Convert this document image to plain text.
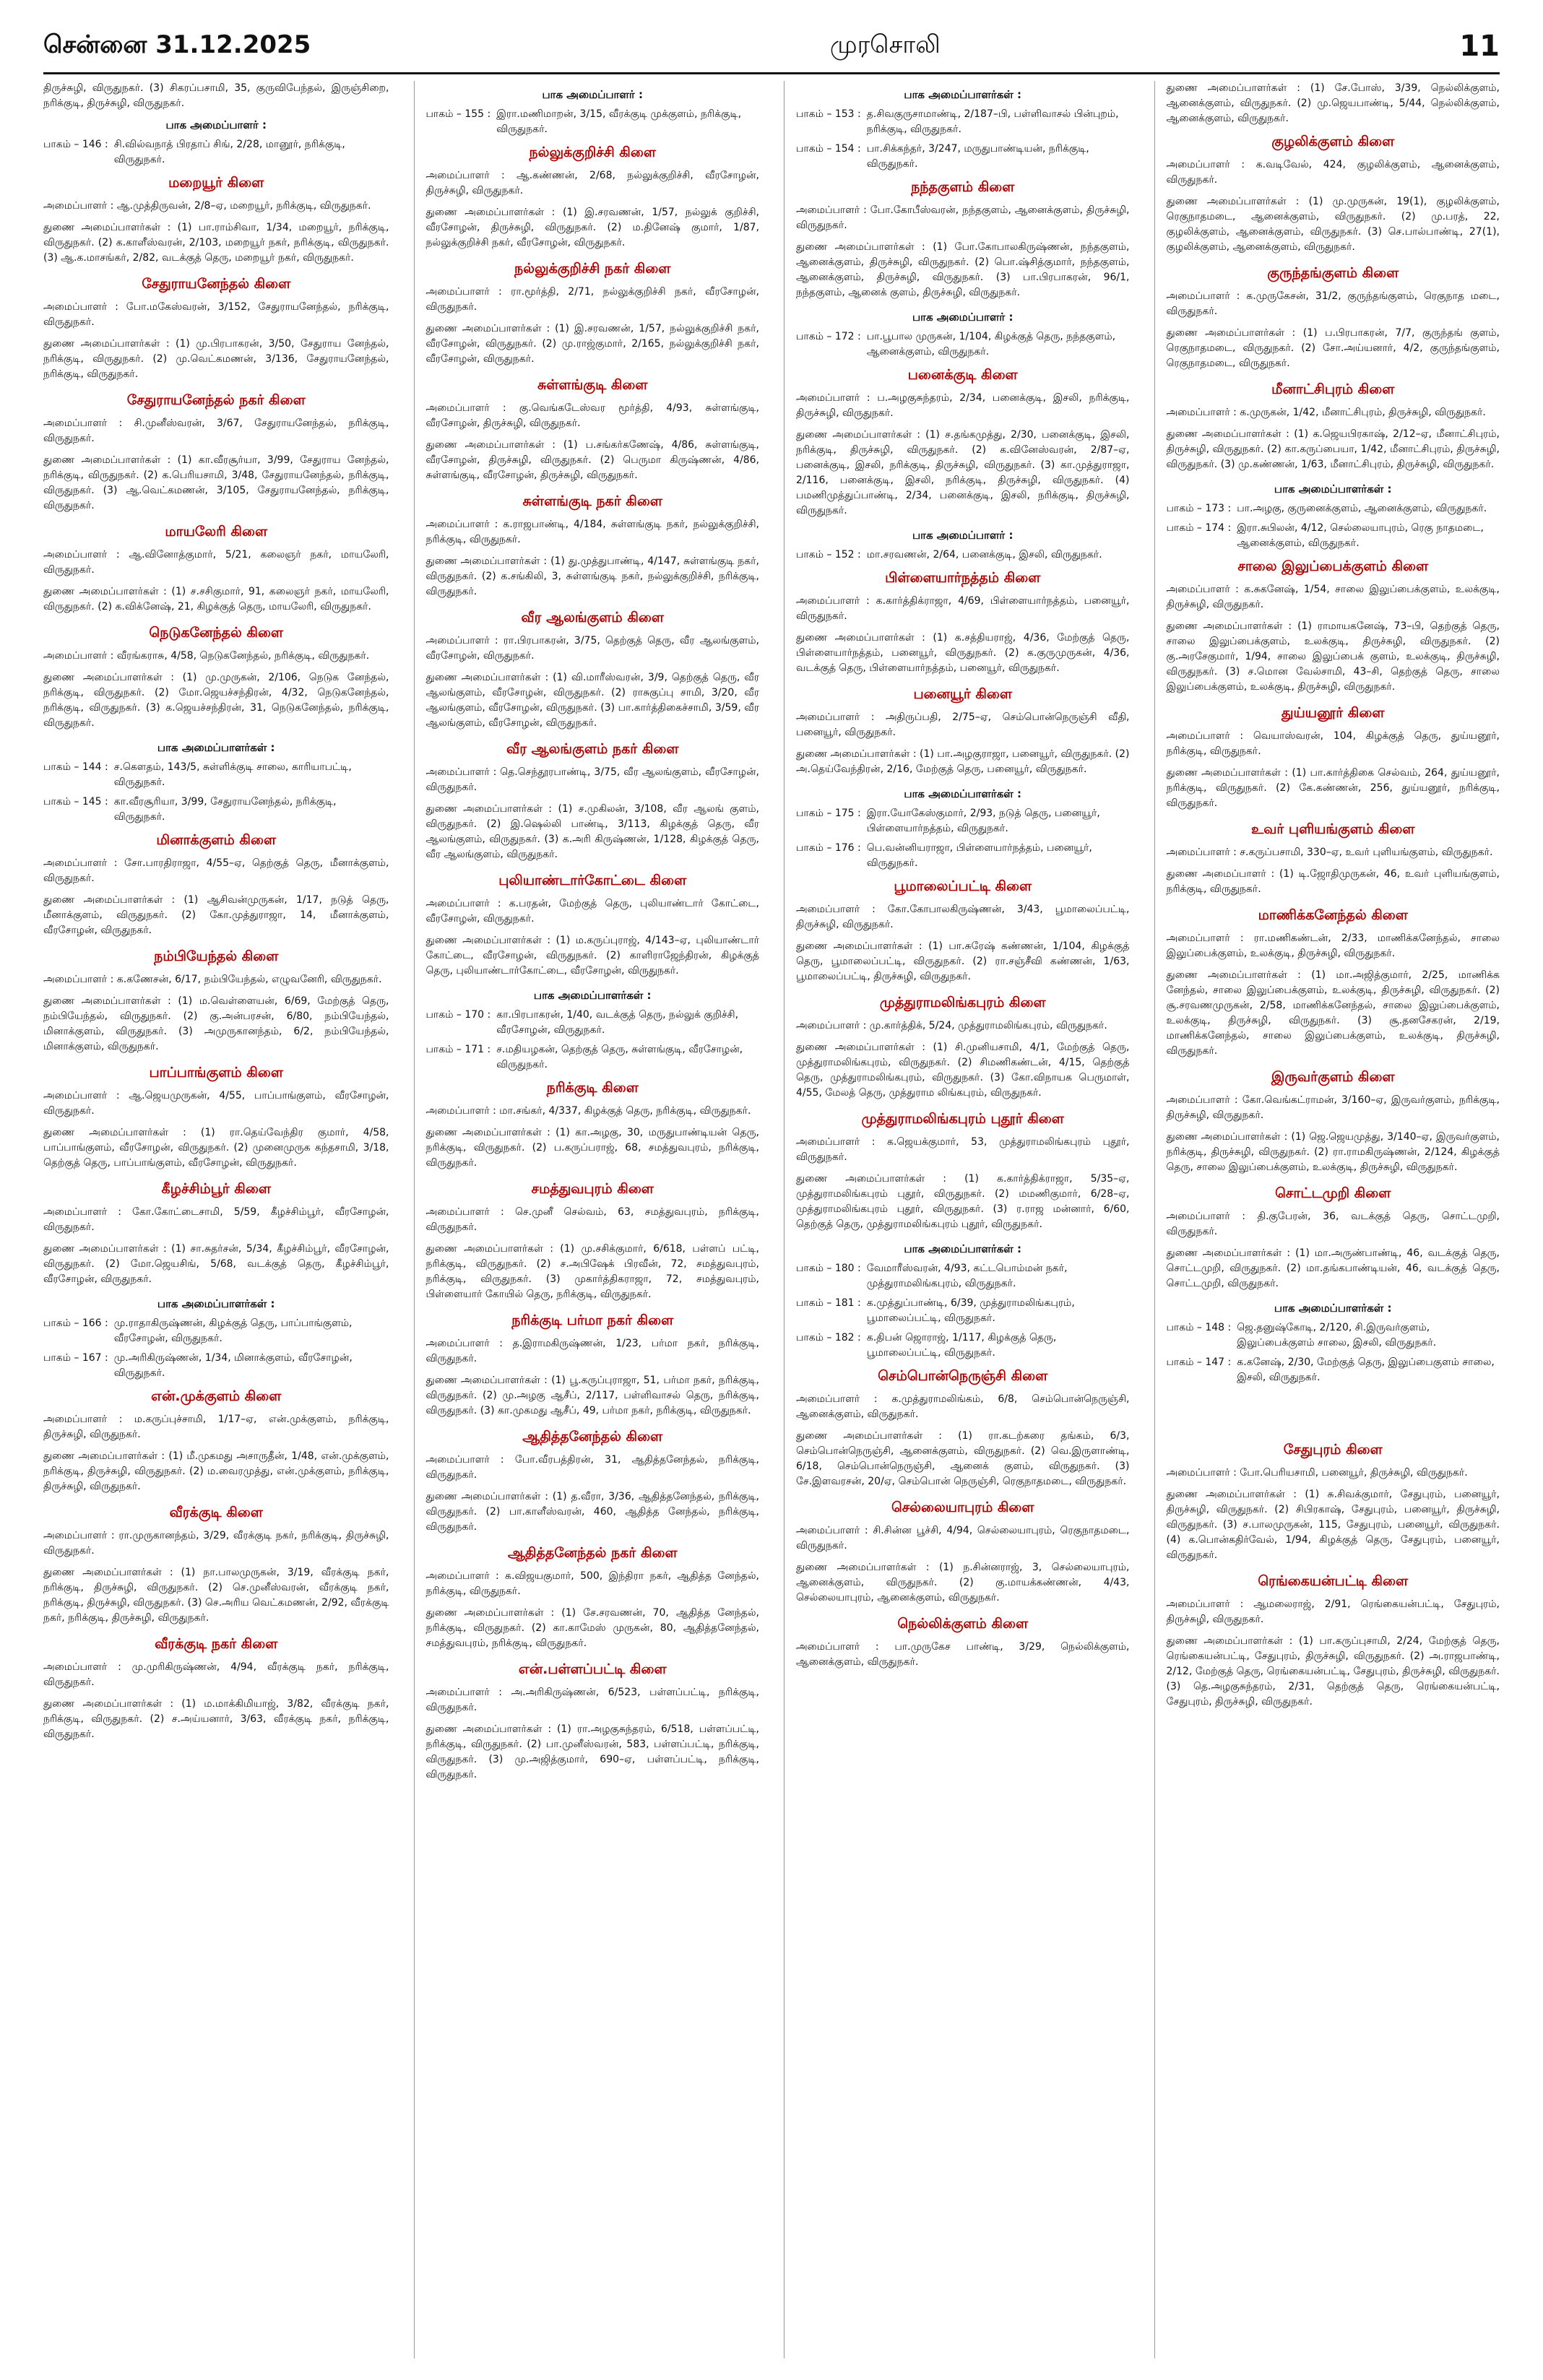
சென்னை 31.12.2025	முரசொலி	11

திருச்சுழி, விருதுநகர். (3) சிகரப்பசாமி, 35, குருவிபேந்தல், இருஞ்சிறை, நரிக்குடி, திருச்சுழி, விருதுநகர்.

பாக அமைப்பாளர் :
பாகம் – 146 : சி.வில்வநாத் பிரதாப் சிங், 2/28, மானூர், நரிக்குடி, விருதுநகர்.
மறையூர் கிளை

அமைப்பாளர் : ஆ.முத்திருவன், 2/8–ஏ, மறையூர், நரிக்குடி, விருதுநகர்.

துணை அமைப்பாளர்கள் : (1) பா.ராம்சிவா, 1/34, மறையூர், நரிக்குடி, விருதுநகர். (2) க.காளீஸ்வரன், 2/103, மறையூர் நகர், நரிக்குடி, விருதுநகர். (3) ஆ.க.மாசங்கர், 2/82, வடக்குத் தெரு, மறையூர் நகர், விருதுநகர்.

சேதுராயனேந்தல் கிளை

அமைப்பாளர் : போ.மகேஸ்வரன், 3/152, சேதுராயனேந்தல், நரிக்குடி, விருதுநகர்.

துணை அமைப்பாளர்கள் : (1) மு.பிரபாகரன், 3/50, சேதுராய னேந்தல், நரிக்குடி, விருதுநகர். (2) மு.வெட்கமணன், 3/136, சேதுராயனேந்தல், நரிக்குடி, விருதுநகர்.

சேதுராயனேந்தல் நகர் கிளை

அமைப்பாளர் : சி.முனீஸ்வரன், 3/67, சேதுராயனேந்தல், நரிக்குடி, விருதுநகர்.

துணை அமைப்பாளர்கள் : (1) கா.வீரசூர்யா, 3/99, சேதுராய னேந்தல், நரிக்குடி, விருதுநகர். (2) க.பெரியசாமி, 3/48, சேதுராயனேந்தல், நரிக்குடி, விருதுநகர். (3) ஆ.வெட்கமணன், 3/105, சேதுராயனேந்தல், நரிக்குடி, விருதுநகர்.

மாயலேரி கிளை

அமைப்பாளர் : ஆ.வினோத்குமார், 5/21, கலைஞர் நகர், மாயலேரி, விருதுநகர்.

துணை அமைப்பாளர்கள் : (1) ச.சசிகுமார், 91, கலைஞர் நகர், மாயலேரி, விருதுநகர். (2) க.விக்னேஷ், 21, கிழக்குத் தெரு, மாயலேரி, விருதுநகர்.

நெடுகனேந்தல் கிளை

அமைப்பாளர் : வீரங்கராசு, 4/58, நெடுகனேந்தல், நரிக்குடி, விருதுநகர்.

துணை அமைப்பாளர்கள் : (1) மு.முருகன், 2/106, நெடுக னேந்தல், நரிக்குடி, விருதுநகர். (2) மோ.ஜெயச்சந்திரன், 4/32, நெடுகனேந்தல், நரிக்குடி, விருதுநகர். (3) க.ஜெயச்சந்திரன், 31, நெடுகனேந்தல், நரிக்குடி, விருதுநகர்.

பாக அமைப்பாளர்கள் :
பாகம் – 144 : ச.கௌதம், 143/5, சுள்ளிக்குடி சாலை, காரியாபட்டி, விருதுநகர்.
பாகம் – 145 : கா.வீரசூரியா, 3/99, சேதுராயனேந்தல், நரிக்குடி, விருதுநகர்.
மினாக்குளம் கிளை

அமைப்பாளர் : சோ.பாரதிராஜா, 4/55–ஏ, தெற்குத் தெரு, மீனாக்குளம், விருதுநகர்.

துணை அமைப்பாளர்கள் : (1) ஆசிவன்முருகன், 1/17, நடுத் தெரு, மீனாக்குளம், விருதுநகர். (2) கோ.முத்துராஜா, 14, மீனாக்குளம், வீரசோழன், விருதுநகர்.

நம்பியேந்தல் கிளை

அமைப்பாளர் : க.கணேசன், 6/17, நம்பியேந்தல், எழுவனேரி, விருதுநகர்.

துணை அமைப்பாளர்கள் : (1) ம.வெள்ளையன், 6/69, மேற்குத் தெரு, நம்பியேந்தல், விருதுநகர். (2) கு.அன்பரசன், 6/80, நம்பியேந்தல், மினாக்குளம், விருதுநகர். (3) அமுருகானந்தம், 6/2, நம்பியேந்தல், மினாக்குளம், விருதுநகர்.

பாப்பாங்குளம் கிளை

அமைப்பாளர் : ஆ.ஜெயமுருகன், 4/55, பாப்பாங்குளம், வீரசோழன், விருதுநகர்.

துணை அமைப்பாளர்கள் : (1) ரா.தெய்வேந்திர குமார், 4/58, பாப்பாங்குளம், வீரசோழன், விருதுநகர். (2) முனைமுருக கந்தசாமி, 3/18, தெற்குத் தெரு, பாப்பாங்குளம், வீரசோழன், விருதுநகர்.

கீழச்சிம்பூர் கிளை

அமைப்பாளர் : கோ.கோட்டைசாமி, 5/59, கீழச்சிம்பூர், வீரசோழன், விருதுநகர்.

துணை அமைப்பாளர்கள் : (1) சா.சுதர்சன், 5/34, கீழச்சிம்பூர், வீரசோழன், விருதுநகர். (2) மோ.ஜெயசிங், 5/68, வடக்குத் தெரு, கீழச்சிம்பூர், வீரசோழன், விருதுநகர்.

பாக அமைப்பாளர்கள் :
பாகம் – 166 : மு.ராதாகிருஷ்ணன், கிழக்குத் தெரு, பாப்பாங்குளம், வீரசோழன், விருதுநகர்.
பாகம் – 167 : மு.அரிகிருஷ்ணன், 1/34, மினாக்குளம், வீரசோழன், விருதுநகர்.
என்.முக்குளம் கிளை

அமைப்பாளர் : ம.கருப்புச்சாமி, 1/17–ஏ, என்.முக்குளம், நரிக்குடி, திருச்சுழி, விருதுநகர்.

துணை அமைப்பாளர்கள் : (1) மீ.முகமது அசாருதீன், 1/48, என்.முக்குளம், நரிக்குடி, திருச்சுழி, விருதுநகர். (2) ம.வைரமுத்து, என்.முக்குளம், நரிக்குடி, திருச்சுழி, விருதுநகர்.

வீரக்குடி கிளை

அமைப்பாளர் : ரா.முருகானந்தம், 3/29, வீரக்குடி நகர், நரிக்குடி, திருச்சுழி, விருதுநகர்.

துணை அமைப்பாளர்கள் : (1) நா.பாலமுருகன், 3/19, வீரக்குடி நகர், நரிக்குடி, திருச்சுழி, விருதுநகர். (2) செ.முனீஸ்வரன், வீரக்குடி நகர், நரிக்குடி, திருச்சுழி, விருதுநகர். (3) செ.அரிய வெட்கமணன், 2/92, வீரக்குடி நகர், நரிக்குடி, திருச்சுழி, விருதுநகர்.

வீரக்குடி நகர் கிளை

அமைப்பாளர் : மு.முரிகிருஷ்ணன், 4/94, வீரக்குடி நகர், நரிக்குடி, விருதுநகர்.

துணை அமைப்பாளர்கள் : (1) ம.மாக்கிமியாஜ், 3/82, வீரக்குடி நகர், நரிக்குடி, விருதுநகர். (2) ச.அய்யனார், 3/63, வீரக்குடி நகர், நரிக்குடி, விருதுநகர்.

பாக அமைப்பாளர் :
பாகம் – 155 : இரா.மணிமாறன், 3/15, வீரக்குடி முக்குளம், நரிக்குடி, விருதுநகர்.
நல்லுக்குறிச்சி கிளை

அமைப்பாளர் : ஆ.கண்ணன், 2/68, நல்லுக்குறிச்சி, வீரசோழன், திருச்சுழி, விருதுநகர்.

துணை அமைப்பாளர்கள் : (1) இ.சரவணன், 1/57, நல்லுக் குறிச்சி, வீரசோழன், திருச்சுழி, விருதுநகர். (2) ம.தினேஷ் குமார், 1/87, நல்லுக்குறிச்சி நகர், வீரசோழன், விருதுநகர்.

நல்லுக்குறிச்சி நகர் கிளை

அமைப்பாளர் : ரா.மூர்த்தி, 2/71, நல்லுக்குறிச்சி நகர், வீரசோழன், விருதுநகர்.

துணை அமைப்பாளர்கள் : (1) இ.சரவணன், 1/57, நல்லுக்குறிச்சி நகர், வீரசோழன், விருதுநகர். (2) மு.ராஜ்குமார், 2/165, நல்லுக்குறிச்சி நகர், வீரசோழன், விருதுநகர்.

சுள்ளங்குடி கிளை

அமைப்பாளர் : கு.வெங்கடேஸ்வர மூர்த்தி, 4/93, சுள்ளங்குடி, வீரசோழன், திருச்சுழி, விருதுநகர்.

துணை அமைப்பாளர்கள் : (1) ப.சங்கர்கணேஷ், 4/86, சுள்ளங்குடி, வீரசோழன், திருச்சுழி, விருதுநகர். (2) பெருமா கிருஷ்ணன், 4/86, சுள்ளங்குடி, வீரசோழன், திருச்சுழி, விருதுநகர்.

சுள்ளங்குடி நகர் கிளை

அமைப்பாளர் : க.ராஜபாண்டி, 4/184, சுள்ளங்குடி நகர், நல்லுக்குறிச்சி, நரிக்குடி, விருதுநகர்.

துணை அமைப்பாளர்கள் : (1) து.முத்துபாண்டி, 4/147, சுள்ளங்குடி நகர், விருதுநகர். (2) க.சங்கிலி, 3, சுள்ளங்குடி நகர், நல்லுக்குறிச்சி, நரிக்குடி, விருதுநகர்.

வீர ஆலங்குளம் கிளை

அமைப்பாளர் : ரா.பிரபாகரன், 3/75, தெற்குத் தெரு, வீர ஆலங்குளம், வீரசோழன், விருதுநகர்.

துணை அமைப்பாளர்கள் : (1) வி.மாரீஸ்வரன், 3/9, தெற்குத் தெரு, வீர ஆலங்குளம், வீரசோழன், விருதுநகர். (2) ராசுகுப்பு சாமி, 3/20, வீர ஆலங்குளம், வீரசோழன், விருதுநகர். (3) பா.கார்த்திகைச்சாமி, 3/59, வீர ஆலங்குளம், வீரசோழன், விருதுநகர்.

வீர ஆலங்குளம் நகர் கிளை

அமைப்பாளர் : தெ.செந்தூரபாண்டி, 3/75, வீர ஆலங்குளம், வீரசோழன், விருதுநகர்.

துணை அமைப்பாளர்கள் : (1) ச.முகிலன், 3/108, வீர ஆலங் குளம், விருதுநகர். (2) இ.ஷெல்லி பாண்டி, 3/113, கிழக்குத் தெரு, வீர ஆலங்குளம், விருதுநகர். (3) க.அரி கிருஷ்ணன், 1/128, கிழக்குத் தெரு, வீர ஆலங்குளம், விருதுநகர்.

புலியாண்டார்கோட்டை கிளை

அமைப்பாளர் : க.பரதன், மேற்குத் தெரு, புலியாண்டார் கோட்டை, வீரசோழன், விருதுநகர்.

துணை அமைப்பாளர்கள் : (1) ம.கருப்புராஜ், 4/143–ஏ, புலியாண்டார் கோட்டை, வீரசோழன், விருதுநகர். (2) காளிராஜேந்திரன், கிழக்குத் தெரு, புலியாண்டார்கோட்டை, வீரசோழன், விருதுநகர்.

பாக அமைப்பாளர்கள் :
பாகம் – 170 : கா.பிரபாகரன், 1/40, வடக்குத் தெரு, நல்லுக் குறிச்சி, வீரசோழன், விருதுநகர்.
பாகம் – 171 : ச.மதியழகன், தெற்குத் தெரு, சுள்ளங்குடி, வீரசோழன், விருதுநகர்.
நரிக்குடி கிளை

அமைப்பாளர் : மா.சங்கர், 4/337, கிழக்குத் தெரு, நரிக்குடி, விருதுநகர்.

துணை அமைப்பாளர்கள் : (1) கா.அழகு, 30, மருதுபாண்டியன் தெரு, நரிக்குடி, விருதுநகர். (2) ப.கருப்பராஜ், 68, சமத்துவபுரம், நரிக்குடி, விருதுநகர்.

சமத்துவபுரம் கிளை

அமைப்பாளர் : செ.முனீ செல்வம், 63, சமத்துவபுரம், நரிக்குடி, விருதுநகர்.

துணை அமைப்பாளர்கள் : (1) மு.சசிக்குமார், 6/618, பள்ளப் பட்டி, நரிக்குடி, விருதுநகர். (2) ச.அபிஷேக் பிரவீன், 72, சமத்துவபுரம், நரிக்குடி, விருதுநகர். (3) முகார்த்திகராஜா, 72, சமத்துவபுரம், பிள்ளையார் கோயில் தெரு, நரிக்குடி, விருதுநகர்.

நரிக்குடி பர்மா நகர் கிளை

அமைப்பாளர் : த.இராமகிருஷ்ணன், 1/23, பர்மா நகர், நரிக்குடி, விருதுநகர்.

துணை அமைப்பாளர்கள் : (1) பூ.கருப்புராஜா, 51, பர்மா நகர், நரிக்குடி, விருதுநகர். (2) மு.அழகு ஆசீப், 2/117, பள்ளிவாசல் தெரு, நரிக்குடி, விருதுநகர். (3) கா.முகமது ஆசீப், 49, பர்மா நகர், நரிக்குடி, விருதுநகர்.

ஆதித்தனேந்தல் கிளை

அமைப்பாளர் : போ.வீரபத்திரன், 31, ஆதித்தனேந்தல், நரிக்குடி, விருதுநகர்.

துணை அமைப்பாளர்கள் : (1) த.வீரா, 3/36, ஆதித்தனேந்தல், நரிக்குடி, விருதுநகர். (2) பா.காளீஸ்வரன், 460, ஆதித்த னேந்தல், நரிக்குடி, விருதுநகர்.

ஆதித்தனேந்தல் நகர் கிளை

அமைப்பாளர் : க.விஜயகுமார், 500, இந்திரா நகர், ஆதித்த னேந்தல், நரிக்குடி, விருதுநகர்.

துணை அமைப்பாளர்கள் : (1) சே.சரவணன், 70, ஆதித்த னேந்தல், நரிக்குடி, விருதுநகர். (2) கா.காமேஸ் முருகன், 80, ஆதித்தனேந்தல், சமத்துவபுரம், நரிக்குடி, விருதுநகர்.

என்.பள்ளப்பட்டி கிளை

அமைப்பாளர் : அ.அரிகிருஷ்ணன், 6/523, பள்ளப்பட்டி, நரிக்குடி, விருதுநகர்.

துணை அமைப்பாளர்கள் : (1) ரா.அழகுசுந்தரம், 6/518, பள்ளப்பட்டி, நரிக்குடி, விருதுநகர். (2) பா.முனீஸ்வரன், 583, பள்ளப்பட்டி, நரிக்குடி, விருதுநகர். (3) மு.அஜித்குமார், 690–ஏ, பள்ளப்பட்டி, நரிக்குடி, விருதுநகர்.

பாக அமைப்பாளர்கள் :
பாகம் – 153 : த.சிவகுருசாமாண்டி, 2/187–பி, பள்ளிவாசல் பின்புறம், நரிக்குடி, விருதுநகர்.
பாகம் – 154 : பா.சிக்கந்தர், 3/247, மருதுபாண்டியன், நரிக்குடி, விருதுநகர்.
நந்தகுளம் கிளை

அமைப்பாளர் : போ.கோபீஸ்வரன், நந்தகுளம், ஆனைக்குளம், திருச்சுழி, விருதுநகர்.

துணை அமைப்பாளர்கள் : (1) போ.கோபாலகிருஷ்ணன், நந்தகுளம், ஆனைக்குளம், திருச்சுழி, விருதுநகர். (2) பொ.ஷ்சித்குமார், நந்தகுளம், ஆனைக்குளம், திருச்சுழி, விருதுநகர். (3) பா.பிரபாகரன், 96/1, நந்தகுளம், ஆனைக் குளம், திருச்சுழி, விருதுநகர்.

பாக அமைப்பாளர் :
பாகம் – 172 : பா.பூபால முருகன், 1/104, கிழக்குத் தெரு, நந்தகுளம், ஆனைக்குளம், விருதுநகர்.
பனைக்குடி கிளை

அமைப்பாளர் : ப.அழகுசுந்தரம், 2/34, பனைக்குடி, இசலி, நரிக்குடி, திருச்சுழி, விருதுநகர்.

துணை அமைப்பாளர்கள் : (1) ச.தங்கமுத்து, 2/30, பனைக்குடி, இசலி, நரிக்குடி, திருச்சுழி, விருதுநகர். (2) க.வினேஸ்வரன், 2/87–ஏ, பனைக்குடி, இசலி, நரிக்குடி, திருச்சுழி, விருதுநகர். (3) கா.முத்துராஜா, 2/116, பனைக்குடி, இசலி, நரிக்குடி, திருச்சுழி, விருதுநகர். (4) பமணிமுத்துப்பாண்டி, 2/34, பனைக்குடி, இசலி, நரிக்குடி, திருச்சுழி, விருதுநகர்.

பாக அமைப்பாளர் :
பாகம் – 152 : மா.சரவணன், 2/64, பனைக்குடி, இசலி, விருதுநகர்.
பிள்ளையார்நத்தம் கிளை

அமைப்பாளர் : க.கார்த்திக்ராஜா, 4/69, பிள்ளையார்நத்தம், பனையூர், விருதுநகர்.

துணை அமைப்பாளர்கள் : (1) க.சத்தியராஜ், 4/36, மேற்குத் தெரு, பிள்ளையார்நத்தம், பனையூர், விருதுநகர். (2) க.குருமுருகன், 4/36, வடக்குத் தெரு, பிள்ளையார்நத்தம், பனையூர், விருதுநகர்.

பனையூர் கிளை

அமைப்பாளர் : அதிருப்பதி, 2/75–ஏ, செம்பொன்நெருஞ்சி வீதி, பனையூர், விருதுநகர்.

துணை அமைப்பாளர்கள் : (1) பா.அழகுராஜா, பனையூர், விருதுநகர். (2) அ.தெய்வேந்திரன், 2/16, மேற்குத் தெரு, பனையூர், விருதுநகர்.

பாக அமைப்பாளர்கள் :
பாகம் – 175 : இரா.யோகேஸ்குமார், 2/93, நடுத் தெரு, பனையூர், பிள்ளையார்நத்தம், விருதுநகர்.
பாகம் – 176 : பெ.வன்னியராஜா, பிள்ளையார்நத்தம், பனையூர், விருதுநகர்.
பூமாலைப்பட்டி கிளை

அமைப்பாளர் : கோ.கோபாலகிருஷ்ணன், 3/43, பூமாலைப்பட்டி, திருச்சுழி, விருதுநகர்.

துணை அமைப்பாளர்கள் : (1) பா.சுரேஷ் கண்ணன், 1/104, கிழக்குத் தெரு, பூமாலைப்பட்டி, விருதுநகர். (2) ரா.சஞ்சீவி கண்ணன், 1/63, பூமாலைப்பட்டி, திருச்சுழி, விருதுநகர்.

முத்துராமலிங்கபுரம் கிளை

அமைப்பாளர் : மு.கார்த்திக், 5/24, முத்துராமலிங்கபுரம், விருதுநகர்.

துணை அமைப்பாளர்கள் : (1) சி.முனியசாமி, 4/1, மேற்குத் தெரு, முத்துராமலிங்கபுரம், விருதுநகர். (2) சிமணிகண்டன், 4/15, தெற்குத் தெரு, முத்துராமலிங்கபுரம், விருதுநகர். (3) கோ.விநாயக பெருமாள், 4/55, மேலத் தெரு, முத்துராம லிங்கபுரம், விருதுநகர்.

முத்துராமலிங்கபுரம் புதூர் கிளை

அமைப்பாளர் : க.ஜெயக்குமார், 53, முத்துராமலிங்கபுரம் புதூர், விருதுநகர்.

துணை அமைப்பாளர்கள் : (1) க.கார்த்திக்ராஜா, 5/35–ஏ, முத்துராமலிங்கபுரம் புதூர், விருதுநகர். (2) மமணிகுமார், 6/28–ஏ, முத்துராமலிங்கபுரம் புதூர், விருதுநகர். (3) ர.ராஜ மன்னார், 6/60, தெற்குத் தெரு, முத்துராமலிங்கபுரம் புதூர், விருதுநகர்.

பாக அமைப்பாளர்கள் :
பாகம் – 180 : வேமாரீஸ்வரன், 4/93, கட்டபொம்மன் நகர், முத்துராமலிங்கபுரம், விருதுநகர்.
பாகம் – 181 : க.முத்துப்பாண்டி, 6/39, முத்துராமலிங்கபுரம், பூமாலைப்பட்டி, விருதுநகர்.
பாகம் – 182 : க.திபன் ஜொராஜ், 1/117, கிழக்குத் தெரு, பூமாலைப்பட்டி, விருதுநகர்.
செம்பொன்நெருஞ்சி கிளை

அமைப்பாளர் : க.முத்துராமலிங்கம், 6/8, செம்பொன்நெருஞ்சி, ஆனைக்குளம், விருதுநகர்.

துணை அமைப்பாளர்கள் : (1) ரா.கடற்கரை தங்கம், 6/3, செம்பொன்நெருஞ்சி, ஆனைக்குளம், விருதுநகர். (2) வெ.இருளாண்டி, 6/18, செம்பொன்நெருஞ்சி, ஆனைக் குளம், விருதுநகர். (3) சே.இளவரசன், 20/ஏ, செம்பொன் நெருஞ்சி, ரெகுநாதமடை, விருதுநகர்.

செல்லையாபுரம் கிளை

அமைப்பாளர் : சி.சின்ன பூச்சி, 4/94, செல்லையாபுரம், ரெகுநாதமடை, விருதுநகர்.

துணை அமைப்பாளர்கள் : (1) ந.சின்னராஜ், 3, செல்லையாபுரம், ஆனைக்குளம், விருதுநகர். (2) கு.மாயக்கண்ணன், 4/43, செல்லையாபுரம், ஆனைக்குளம், விருதுநகர்.

நெல்லிக்குளம் கிளை

அமைப்பாளர் : பா.முருகேச பாண்டி, 3/29, நெல்லிக்குளம், ஆனைக்குளம், விருதுநகர்.

துணை அமைப்பாளர்கள் : (1) சே.போஸ், 3/39, நெல்லிக்குளம், ஆனைக்குளம், விருதுநகர். (2) மு.ஜெயபாண்டி, 5/44, நெல்லிக்குளம், ஆனைக்குளம், விருதுநகர்.

குழலிக்குளம் கிளை

அமைப்பாளர் : க.வடிவேல், 424, குழலிக்குளம், ஆனைக்குளம், விருதுநகர்.

துணை அமைப்பாளர்கள் : (1) மு.முருகன், 19(1), குழலிக்குளம், ரெகுநாதமடை, ஆனைக்குளம், விருதுநகர். (2) மு.பரத், 22, குழலிக்குளம், ஆனைக்குளம், விருதுநகர். (3) செ.பால்பாண்டி, 27(1), குழலிக்குளம், ஆனைக்குளம், விருதுநகர்.

குருந்தங்குளம் கிளை

அமைப்பாளர் : க.முருகேசன், 31/2, குருந்தங்குளம், ரெகுநாத மடை, விருதுநகர்.

துணை அமைப்பாளர்கள் : (1) ப.பிரபாகரன், 7/7, குருந்தங் குளம், ரெகுநாதமடை, விருதுநகர். (2) சோ.அய்யனார், 4/2, குருந்தங்குளம், ரெகுநாதமடை, விருதுநகர்.

மீனாட்சிபுரம் கிளை

அமைப்பாளர் : க.முருகன், 1/42, மீனாட்சிபுரம், திருச்சுழி, விருதுநகர்.

துணை அமைப்பாளர்கள் : (1) க.ஜெயபிரகாஷ், 2/12–ஏ, மீனாட்சிபுரம், திருச்சுழி, விருதுநகர். (2) கா.கருப்பையா, 1/42, மீனாட்சிபுரம், திருச்சுழி, விருதுநகர். (3) மு.கண்ணன், 1/63, மீனாட்சிபுரம், திருச்சுழி, விருதுநகர்.

பாக அமைப்பாளர்கள் :
பாகம் – 173 : பா.அழகு, குருனைக்குளம், ஆனைக்குளம், விருதுநகர்.
பாகம் – 174 : இரா.சுபிலன், 4/12, செல்லையாபுரம், ரெகு நாதமடை, ஆனைக்குளம், விருதுநகர்.
சாலை இலுப்பைக்குளம் கிளை

அமைப்பாளர் : க.சுகனேஷ், 1/54, சாலை இலுப்பைக்குளம், உலக்குடி, திருச்சுழி, விருதுநகர்.

துணை அமைப்பாளர்கள் : (1) ராமாயகனேஷ், 73–பி, தெற்குத் தெரு, சாலை இலுப்பைக்குளம், உலக்குடி, திருச்சுழி, விருதுநகர். (2) கு.அரசேகுமார், 1/94, சாலை இலுப்பைக் குளம், உலக்குடி, திருச்சுழி, விருதுநகர். (3) ச.மொன வேல்சாமி, 43–சி, தெற்குத் தெரு, சாலை இலுப்பைக்குளம், உலக்குடி, திருச்சுழி, விருதுநகர்.

துய்யனூர் கிளை

அமைப்பாளர் : வெயாஸ்வரன், 104, கிழக்குத் தெரு, துய்யனூர், நரிக்குடி, விருதுநகர்.

துணை அமைப்பாளர்கள் : (1) பா.கார்த்திகை செல்வம், 264, துய்யனூர், நரிக்குடி, விருதுநகர். (2) கே.கண்ணன், 256, துய்யனூர், நரிக்குடி, விருதுநகர்.

உவர் புளியங்குளம் கிளை

அமைப்பாளர் : ச.கருப்பசாமி, 330–ஏ, உவர் புளியங்குளம், விருதுநகர்.

துணை அமைப்பாளர் : (1) டி.ஜோதிமுருகன், 46, உவர் புளியங்குளம், நரிக்குடி, விருதுநகர்.

மாணிக்கனேந்தல் கிளை

அமைப்பாளர் : ரா.மணிகண்டன், 2/33, மாணிக்கனேந்தல், சாலை இலுப்பைக்குளம், உலக்குடி, திருச்சுழி, விருதுநகர்.

துணை அமைப்பாளர்கள் : (1) மா.அஜித்குமார், 2/25, மாணிக்க னேந்தல், சாலை இலுப்பைக்குளம், உலக்குடி, திருச்சுழி, விருதுநகர். (2) சூ.சரவணமுருகன், 2/58, மாணிக்கனேந்தல், சாலை இலுப்பைக்குளம், உலக்குடி, திருச்சுழி, விருதுநகர். (3) சூ.தனசேகரன், 2/19, மாணிக்கனேந்தல், சாலை இலுப்பைக்குளம், உலக்குடி, திருச்சுழி, விருதுநகர்.

இருவர்குளம் கிளை

அமைப்பாளர் : கோ.வெங்கட்ராமன், 3/160–ஏ, இருவர்குளம், நரிக்குடி, திருச்சுழி, விருதுநகர்.

துணை அமைப்பாளர்கள் : (1) ஜெ.ஜெயமுத்து, 3/140–ஏ, இருவர்குளம், நரிக்குடி, திருச்சுழி, விருதுநகர். (2) ரா.ராமகிருஷ்ணன், 2/124, கிழக்குத் தெரு, சாலை இலுப்பைக்குளம், உலக்குடி, திருச்சுழி, விருதுநகர்.

சொட்டமுறி கிளை

அமைப்பாளர் : தி.குபேரன், 36, வடக்குத் தெரு, சொட்டமுறி, விருதுநகர்.

துணை அமைப்பாளர்கள் : (1) மா.அருண்பாண்டி, 46, வடக்குத் தெரு, சொட்டமுறி, விருதுநகர். (2) மா.தங்கபாண்டியன், 46, வடக்குத் தெரு, சொட்டமுறி, விருதுநகர்.

பாக அமைப்பாளர்கள் :
பாகம் – 148 : ஜெ.தனுஷ்கோடி, 2/120, சி.இருவர்குளம், இலுப்பைக்குளம் சாலை, இசலி, விருதுநகர்.
பாகம் – 147 : க.கனேஷ், 2/30, மேற்குத் தெரு, இலுப்பைகுளம் சாலை, இசலி, விருதுநகர்.
சேதுபுரம் கிளை

அமைப்பாளர் : போ.பெரியசாமி, பனையூர், திருச்சுழி, விருதுநகர்.

துணை அமைப்பாளர்கள் : (1) சு.சிவக்குமார், சேதுபுரம், பனையூர், திருச்சுழி, விருதுநகர். (2) சிபிரகாஷ், சேதுபுரம், பனையூர், திருச்சுழி, விருதுநகர். (3) ச.பாலமுருகன், 115, சேதுபுரம், பனையூர், விருதுநகர். (4) க.பொன்கதிர்வேல், 1/94, கிழக்குத் தெரு, சேதுபுரம், பனையூர், விருதுநகர்.

ரெங்கையன்பட்டி கிளை

அமைப்பாளர் : ஆமலைராஜ், 2/91, ரெங்கையன்பட்டி, சேதுபுரம், திருச்சுழி, விருதுநகர்.

துணை அமைப்பாளர்கள் : (1) பா.கருப்புசாமி, 2/24, மேற்குத் தெரு, ரெங்கையன்பட்டி, சேதுபுரம், திருச்சுழி, விருதுநகர். (2) அ.ராஜபாண்டி, 2/12, மேற்குத் தெரு, ரெங்கையன்பட்டி, சேதுபுரம், திருச்சுழி, விருதுநகர். (3) தெ.அழகுசுந்தரம், 2/31, தெற்குத் தெரு, ரெங்கையன்பட்டி, சேதுபுரம், திருச்சுழி, விருதுநகர்.
